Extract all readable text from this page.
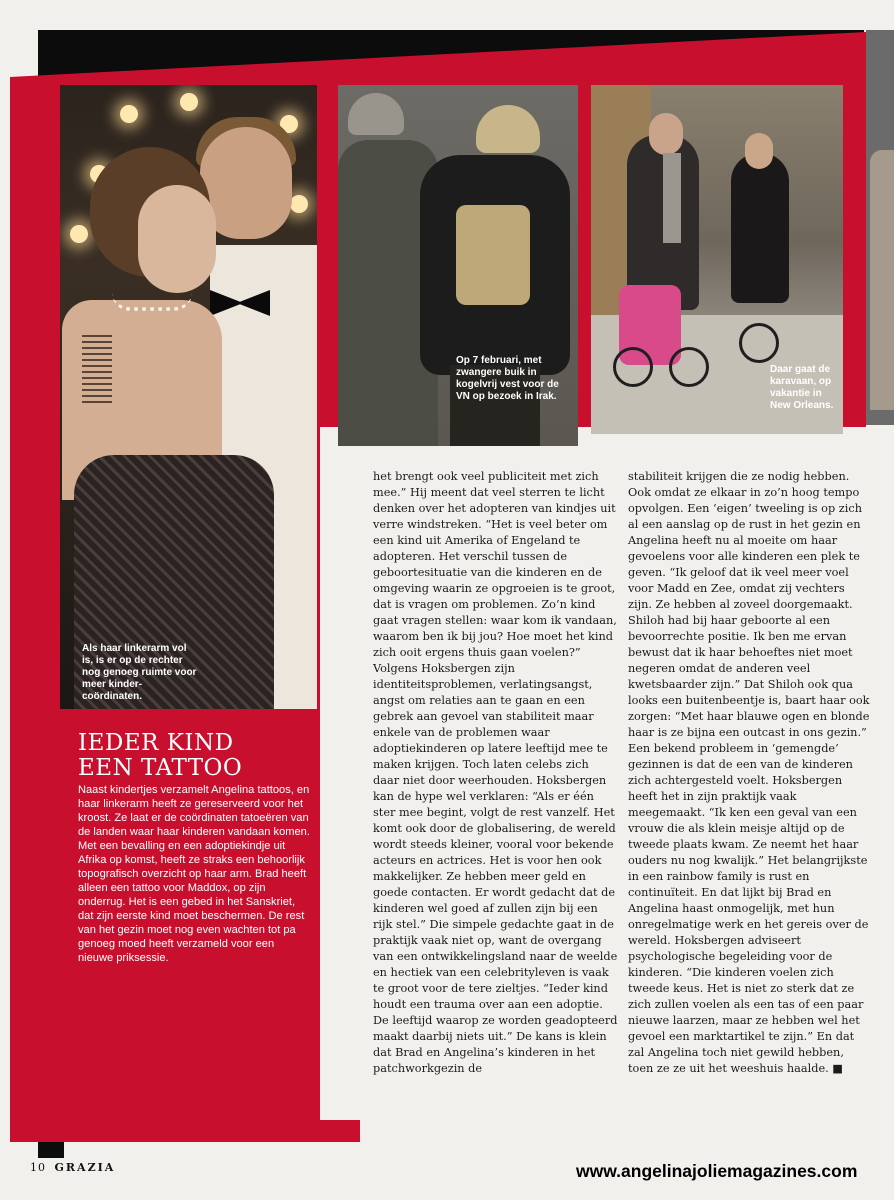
Als haar linkerarm vol is, is er op de rechter nog genoeg ruimte voor meer kinder-coördinaten.
Op 7 februari, met zwangere buik in kogelvrij vest voor de VN op bezoek in Irak.
Daar gaat de karavaan, op vakantie in New Orleans.
IEDER KIND
EEN TATTOO

Naast kindertjes verzamelt Angelina tattoos, en haar linkerarm heeft ze gereserveerd voor het kroost. Ze laat er de coördinaten tatoeëren van de landen waar haar kinderen vandaan komen. Met een bevalling en een adoptiekindje uit Afrika op komst, heeft ze straks een behoorlijk topografisch overzicht op haar arm. Brad heeft alleen een tattoo voor Maddox, op zijn onderrug. Het is een gebed in het Sanskriet, dat zijn eerste kind moet beschermen. De rest van het gezin moet nog even wachten tot pa genoeg moed heeft verzameld voor een nieuwe priksessie.

het brengt ook veel publiciteit met zich mee.” Hij meent dat veel sterren te licht denken over het adopteren van kindjes uit verre windstreken. “Het is veel beter om een kind uit Amerika of Engeland te adopteren. Het verschil tussen de geboortesituatie van die kinderen en de omgeving waarin ze opgroeien is te groot, dat is vragen om problemen. Zo’n kind gaat vragen stellen: waar kom ik vandaan, waarom ben ik bij jou? Hoe moet het kind zich ooit ergens thuis gaan voelen?” Volgens Hoksbergen zijn identiteitsproblemen, verlatingsangst, angst om relaties aan te gaan en een gebrek aan gevoel van stabiliteit maar enkele van de problemen waar adoptiekinderen op latere leeftijd mee te maken krijgen. Toch laten celebs zich daar niet door weerhouden. Hoksbergen kan de hype wel verklaren: “Als er één ster mee begint, volgt de rest vanzelf. Het komt ook door de globalisering, de wereld wordt steeds kleiner, vooral voor bekende acteurs en actrices. Het is voor hen ook makkelijker. Ze hebben meer geld en goede contacten. Er wordt gedacht dat de kinderen wel goed af zullen zijn bij een rijk stel.” Die simpele gedachte gaat in de praktijk vaak niet op, want de overgang van een ontwikkelingsland naar de weelde en hectiek van een celebrityleven is vaak te groot voor de tere zieltjes. “Ieder kind houdt een trauma over aan een adoptie. De leeftijd waarop ze worden geadopteerd maakt daarbij niets uit.” De kans is klein dat Brad en Angelina’s kinderen in het patchworkgezin de

stabiliteit krijgen die ze nodig hebben. Ook omdat ze elkaar in zo’n hoog tempo opvolgen. Een ‘eigen’ tweeling is op zich al een aanslag op de rust in het gezin en Angelina heeft nu al moeite om haar gevoelens voor alle kinderen een plek te geven. “Ik geloof dat ik veel meer voel voor Madd en Zee, omdat zij vechters zijn. Ze hebben al zoveel doorgemaakt. Shiloh had bij haar geboorte al een bevoorrechte positie. Ik ben me ervan bewust dat ik haar behoeftes niet moet negeren omdat de anderen veel kwetsbaarder zijn.” Dat Shiloh ook qua looks een buitenbeentje is, baart haar ook zorgen: “Met haar blauwe ogen en blonde haar is ze bijna een outcast in ons gezin.” Een bekend probleem in ‘gemengde’ gezinnen is dat de een van de kinderen zich achtergesteld voelt. Hoksbergen heeft het in zijn praktijk vaak meegemaakt. “Ik ken een geval van een vrouw die als klein meisje altijd op de tweede plaats kwam. Ze neemt het haar ouders nu nog kwalijk.” Het belangrijkste in een rainbow family is rust en continuïteit. En dat lijkt bij Brad en Angelina haast onmogelijk, met hun onregelmatige werk en het gereis over de wereld. Hoksbergen adviseert psychologische begeleiding voor de kinderen. “Die kinderen voelen zich tweede keus. Het is niet zo sterk dat ze zich zullen voelen als een tas of een paar nieuwe laarzen, maar ze hebben wel het gevoel een marktartikel te zijn.” En dat zal Angelina toch niet gewild hebben, toen ze ze uit het weeshuis haalde. ■

10 GRAZIA	www.angelinajoliemagazines.com
